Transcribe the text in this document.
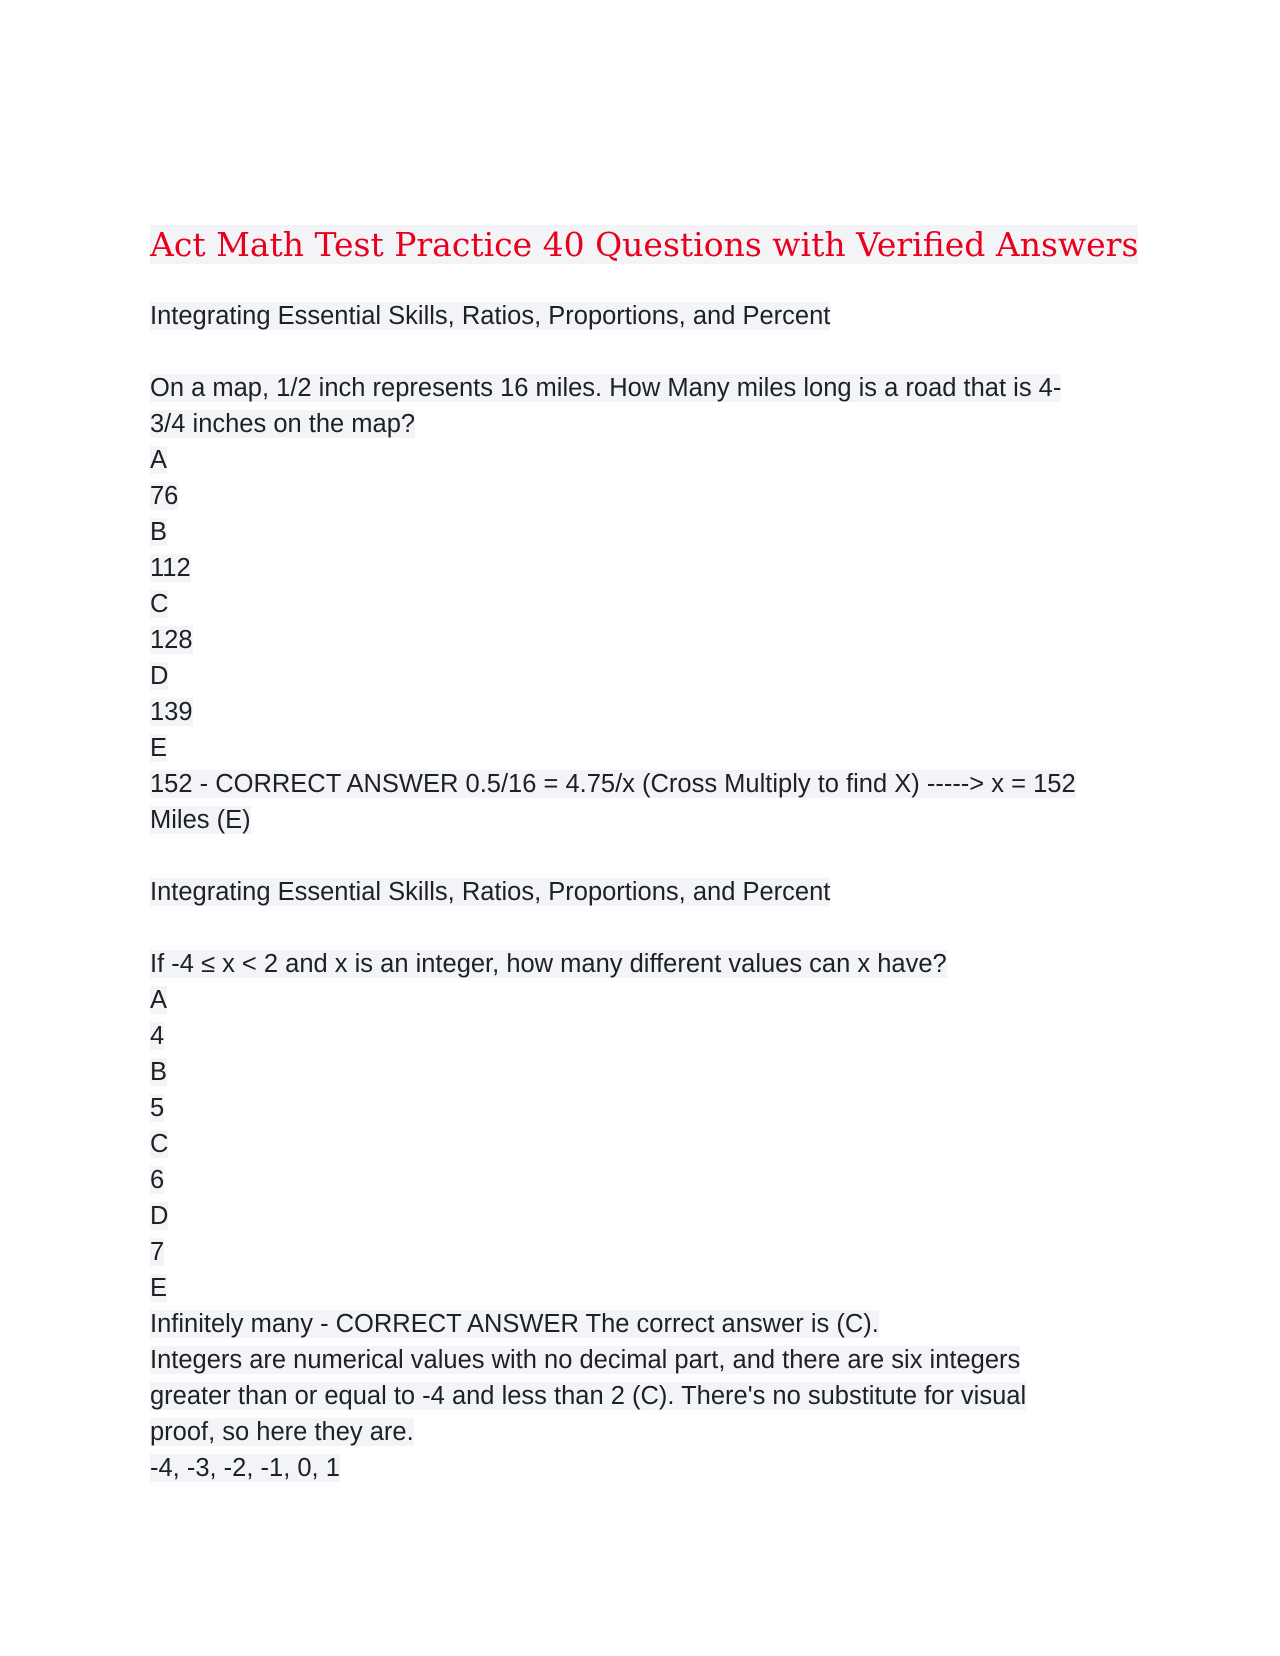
Act Math Test Practice 40 Questions with Verified Answers

Integrating Essential Skills, Ratios, Proportions, and Percent

On a map, 1/2 inch represents 16 miles. How Many miles long is a road that is 4-

3/4 inches on the map?

A

76

B

112

C

128

D

139

E

152 - CORRECT ANSWER 0.5/16 = 4.75/x (Cross Multiply to find X) -----> x = 152

Miles (E)

Integrating Essential Skills, Ratios, Proportions, and Percent

If -4 ≤ x < 2 and x is an integer, how many different values can x have?

A

4

B

5

C

6

D

7

E

Infinitely many - CORRECT ANSWER The correct answer is (C).

Integers are numerical values with no decimal part, and there are six integers

greater than or equal to -4 and less than 2 (C). There's no substitute for visual

proof, so here they are.

-4, -3, -2, -1, 0, 1
